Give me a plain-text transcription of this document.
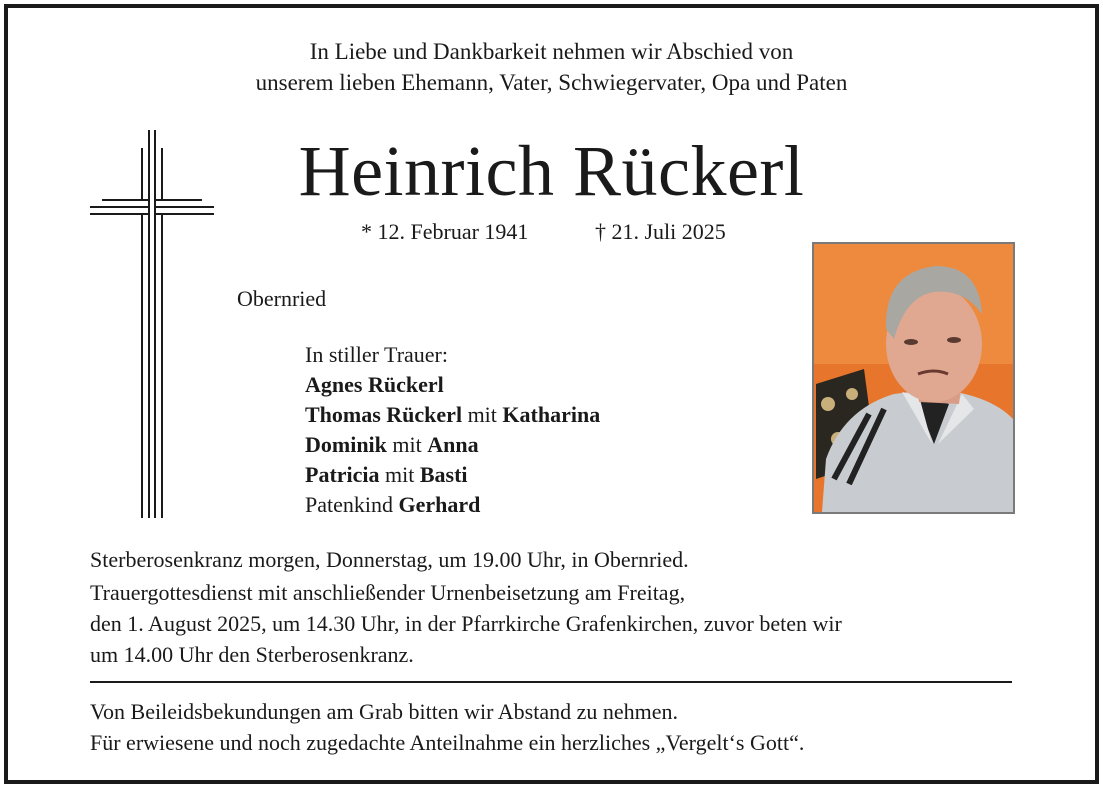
In Liebe und Dankbarkeit nehmen wir Abschied von
unserem lieben Ehemann, Vater, Schwiegervater, Opa und Paten
Heinrich Rückerl
* 12. Februar 1941	† 21. Juli 2025
Obernried
In stiller Trauer:
Agnes Rückerl
Thomas Rückerl mit Katharina
Dominik mit Anna
Patricia mit Basti
Patenkind Gerhard
Sterberosenkranz morgen, Donnerstag, um 19.00 Uhr, in Obernried.
Trauergottesdienst mit anschließender Urnenbeisetzung am Freitag,
den 1. August 2025, um 14.30 Uhr, in der Pfarrkirche Grafenkirchen, zuvor beten wir
um 14.00 Uhr den Sterberosenkranz.
Von Beileidsbekundungen am Grab bitten wir Abstand zu nehmen.
Für erwiesene und noch zugedachte Anteilnahme ein herzliches „Vergelt‘s Gott“.
